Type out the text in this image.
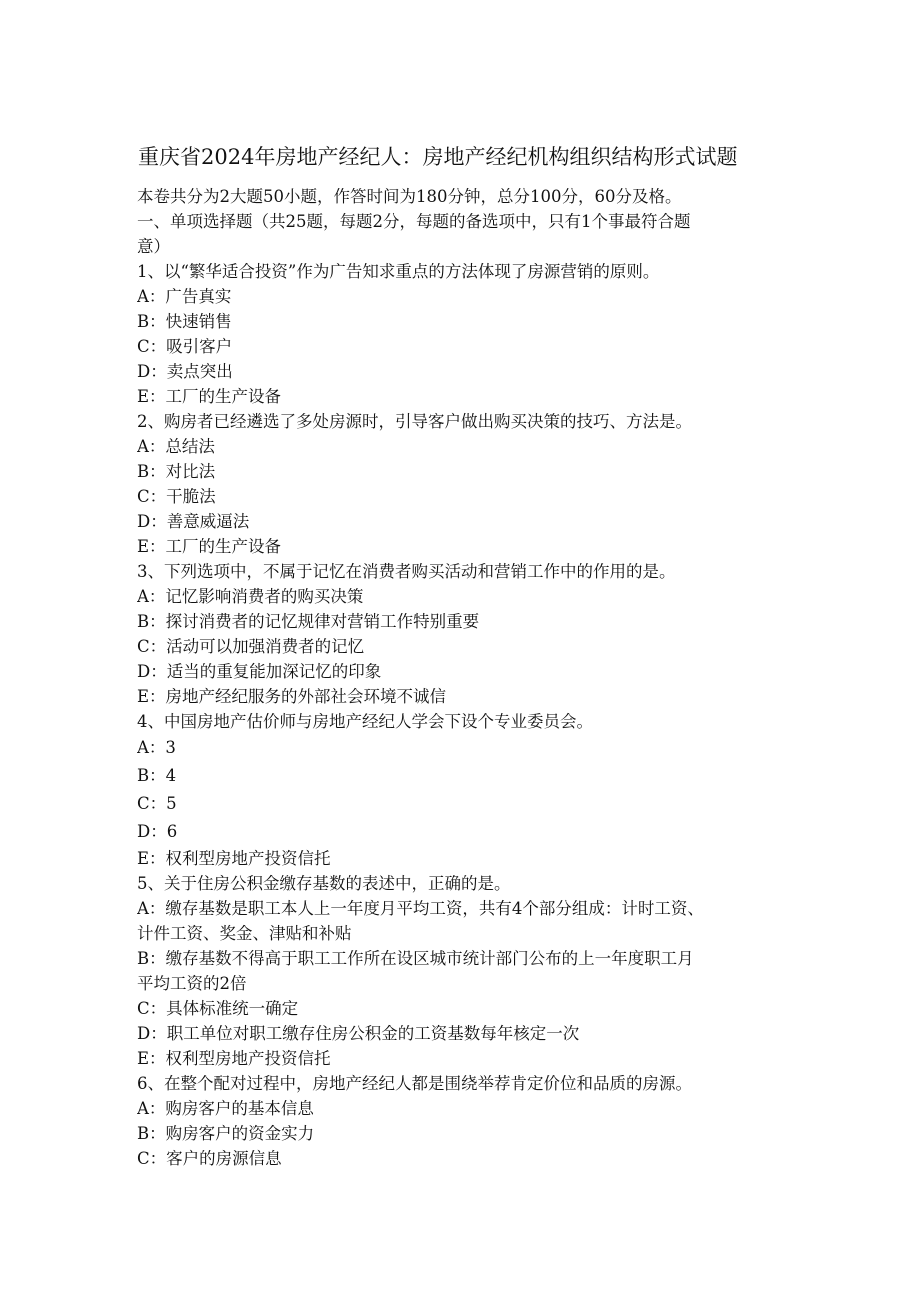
重庆省2024年房地产经纪人：房地产经纪机构组织结构形式试题
本卷共分为2大题50小题，作答时间为180分钟，总分100分，60分及格。
一、单项选择题（共25题，每题2分，每题的备选项中，只有1个事最符合题
意）
1、以“繁华适合投资”作为广告知求重点的方法体现了房源营销的原则。
A：广告真实
B：快速销售
C：吸引客户
D：卖点突出
E：工厂的生产设备
2、购房者已经遴选了多处房源时，引导客户做出购买决策的技巧、方法是。
A：总结法
B：对比法
C：干脆法
D：善意威逼法
E：工厂的生产设备
3、下列选项中，不属于记忆在消费者购买活动和营销工作中的作用的是。
A：记忆影响消费者的购买决策
B：探讨消费者的记忆规律对营销工作特别重要
C：活动可以加强消费者的记忆
D：适当的重复能加深记忆的印象
E：房地产经纪服务的外部社会环境不诚信
4、中国房地产估价师与房地产经纪人学会下设个专业委员会。
A：3
B：4
C：5
D：6
E：权利型房地产投资信托
5、关于住房公积金缴存基数的表述中，正确的是。
A：缴存基数是职工本人上一年度月平均工资，共有4个部分组成：计时工资、
计件工资、奖金、津贴和补贴
B：缴存基数不得高于职工工作所在设区城市统计部门公布的上一年度职工月
平均工资的2倍
C：具体标准统一确定
D：职工单位对职工缴存住房公积金的工资基数每年核定一次
E：权利型房地产投资信托
6、在整个配对过程中，房地产经纪人都是围绕举荐肯定价位和品质的房源。
A：购房客户的基本信息
B：购房客户的资金实力
C：客户的房源信息
